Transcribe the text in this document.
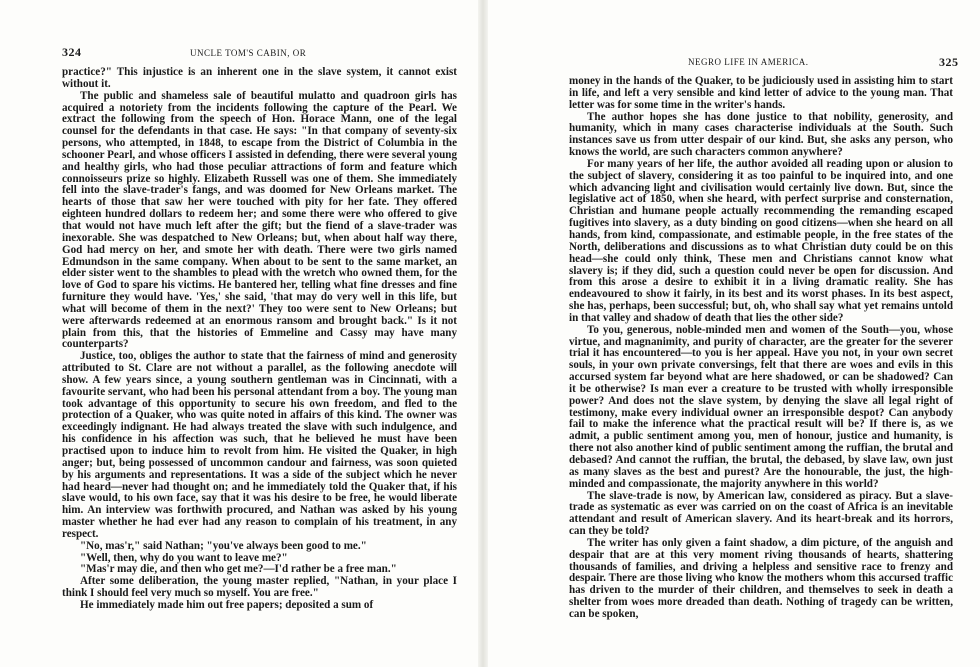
324	UNCLE TOM'S CABIN, OR

practice?" This injustice is an inherent one in the slave system, it cannot exist without it.

The public and shameless sale of beautiful mulatto and quadroon girls has acquired a notoriety from the incidents following the capture of the Pearl. We extract the following from the speech of Hon. Horace Mann, one of the legal counsel for the defendants in that case. He says: "In that company of seventy-six persons, who attempted, in 1848, to escape from the District of Columbia in the schooner Pearl, and whose officers I assisted in defending, there were several young and healthy girls, who had those peculiar attractions of form and feature which connoisseurs prize so highly. Elizabeth Russell was one of them. She immediately fell into the slave-trader's fangs, and was doomed for New Orleans market. The hearts of those that saw her were touched with pity for her fate. They offered eighteen hundred dollars to redeem her; and some there were who offered to give that would not have much left after the gift; but the fiend of a slave-trader was inexorable. She was despatched to New Orleans; but, when about half way there, God had mercy on her, and smote her with death. There were two girls named Edmundson in the same company. When about to be sent to the same market, an elder sister went to the shambles to plead with the wretch who owned them, for the love of God to spare his victims. He bantered her, telling what fine dresses and fine furniture they would have. 'Yes,' she said, 'that may do very well in this life, but what will become of them in the next?' They too were sent to New Orleans; but were afterwards redeemed at an enormous ransom and brought back." Is it not plain from this, that the histories of Emmeline and Cassy may have many counterparts?

Justice, too, obliges the author to state that the fairness of mind and generosity attributed to St. Clare are not without a parallel, as the following anecdote will show. A few years since, a young southern gentleman was in Cincinnati, with a favourite servant, who had been his personal attendant from a boy. The young man took advantage of this opportunity to secure his own freedom, and fled to the protection of a Quaker, who was quite noted in affairs of this kind. The owner was exceedingly indignant. He had always treated the slave with such indulgence, and his confidence in his affection was such, that he believed he must have been practised upon to induce him to revolt from him. He visited the Quaker, in high anger; but, being possessed of uncommon candour and fairness, was soon quieted by his arguments and representations. It was a side of the subject which he never had heard—never had thought on; and he immediately told the Quaker that, if his slave would, to his own face, say that it was his desire to be free, he would liberate him. An interview was forthwith procured, and Nathan was asked by his young master whether he had ever had any reason to complain of his treatment, in any respect.

"No, mas'r," said Nathan; "you've always been good to me."

"Well, then, why do you want to leave me?"

"Mas'r may die, and then who get me?—I'd rather be a free man."

After some deliberation, the young master replied, "Nathan, in your place I think I should feel very much so myself. You are free."

He immediately made him out free papers; deposited a sum of

NEGRO LIFE IN AMERICA.	325

money in the hands of the Quaker, to be judiciously used in assisting him to start in life, and left a very sensible and kind letter of advice to the young man. That letter was for some time in the writer's hands.

The author hopes she has done justice to that nobility, generosity, and humanity, which in many cases characterise individuals at the South. Such instances save us from utter despair of our kind. But, she asks any person, who knows the world, are such characters common anywhere?

For many years of her life, the author avoided all reading upon or alusion to the subject of slavery, considering it as too painful to be inquired into, and one which advancing light and civilisation would certainly live down. But, since the legislative act of 1850, when she heard, with perfect surprise and consternation, Christian and humane people actually recommending the remanding escaped fugitives into slavery, as a duty binding on good citizens—when she heard on all hands, from kind, compassionate, and estimable people, in the free states of the North, deliberations and discussions as to what Christian duty could be on this head—she could only think, These men and Christians cannot know what slavery is; if they did, such a question could never be open for discussion. And from this arose a desire to exhibit it in a living dramatic reality. She has endeavoured to show it fairly, in its best and its worst phases. In its best aspect, she has, perhaps, been successful; but, oh, who shall say what yet remains untold in that valley and shadow of death that lies the other side?

To you, generous, noble-minded men and women of the South—you, whose virtue, and magnanimity, and purity of character, are the greater for the severer trial it has encountered—to you is her appeal. Have you not, in your own secret souls, in your own private conversings, felt that there are woes and evils in this accursed system far beyond what are here shadowed, or can be shadowed? Can it be otherwise? Is man ever a creature to be trusted with wholly irresponsible power? And does not the slave system, by denying the slave all legal right of testimony, make every individual owner an irresponsible despot? Can anybody fail to make the inference what the practical result will be? If there is, as we admit, a public sentiment among you, men of honour, justice and humanity, is there not also another kind of public sentiment among the ruffian, the brutal and debased? And cannot the ruffian, the brutal, the debased, by slave law, own just as many slaves as the best and purest? Are the honourable, the just, the high-minded and compassionate, the majority anywhere in this world?

The slave-trade is now, by American law, considered as piracy. But a slave-trade as systematic as ever was carried on on the coast of Africa is an inevitable attendant and result of American slavery. And its heart-break and its horrors, can they be told?

The writer has only given a faint shadow, a dim picture, of the anguish and despair that are at this very moment riving thousands of hearts, shattering thousands of families, and driving a helpless and sensitive race to frenzy and despair. There are those living who know the mothers whom this accursed traffic has driven to the murder of their children, and themselves to seek in death a shelter from woes more dreaded than death. Nothing of tragedy can be written, can be spoken,
